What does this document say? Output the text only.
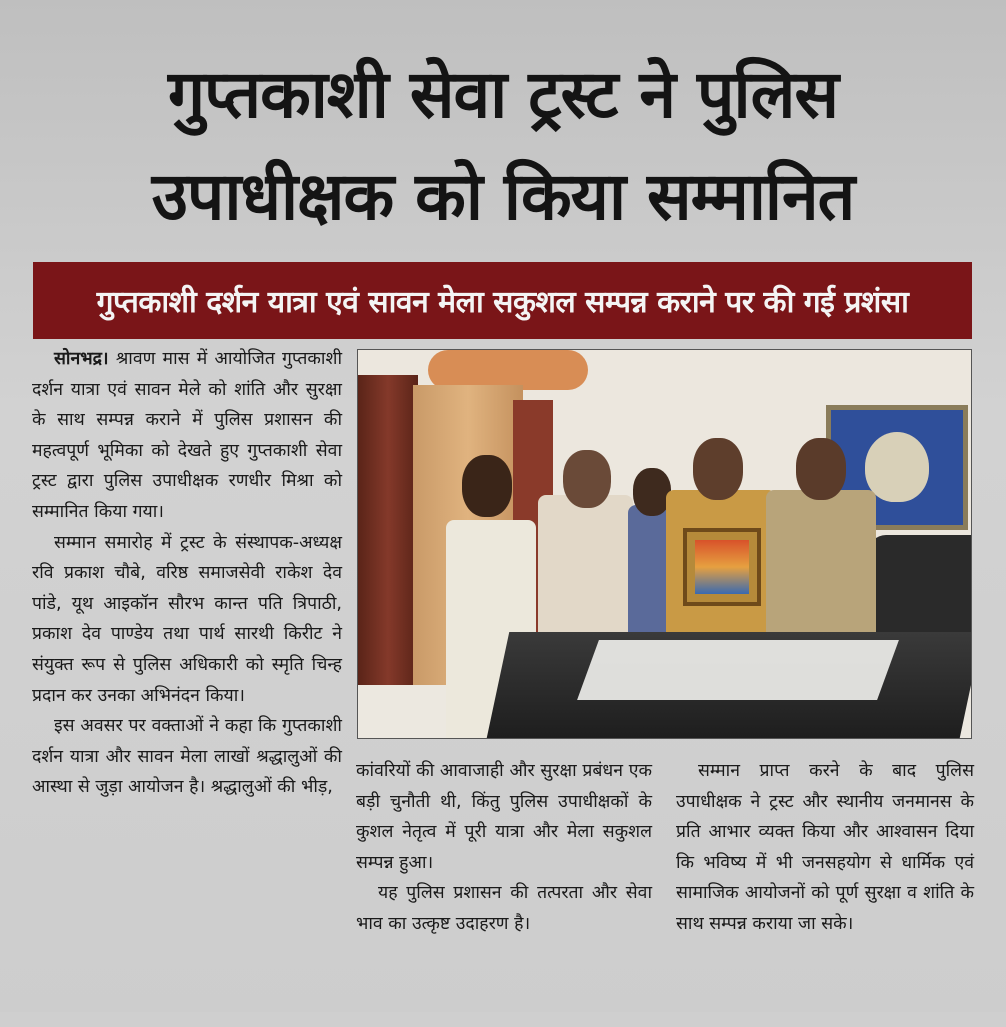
गुप्तकाशी सेवा ट्रस्ट ने पुलिस
उपाधीक्षक को किया सम्मानित
गुप्तकाशी दर्शन यात्रा एवं सावन मेला सकुशल सम्पन्न कराने पर की गई प्रशंसा

सोनभद्र। श्रावण मास में आयोजित गुप्तकाशी दर्शन यात्रा एवं सावन मेले को शांति और सुरक्षा के साथ सम्पन्न कराने में पुलिस प्रशासन की महत्वपूर्ण भूमिका को देखते हुए गुप्तकाशी सेवा ट्रस्ट द्वारा पुलिस उपाधीक्षक रणधीर मिश्रा को सम्मानित किया गया।

सम्मान समारोह में ट्रस्ट के संस्थापक-अध्यक्ष रवि प्रकाश चौबे, वरिष्ठ समाजसेवी राकेश देव पांडे, यूथ आइकॉन सौरभ कान्त पति त्रिपाठी, प्रकाश देव पाण्डेय तथा पार्थ सारथी किरीट ने संयुक्त रूप से पुलिस अधिकारी को स्मृति चिन्ह प्रदान कर उनका अभिनंदन किया।

इस अवसर पर वक्ताओं ने कहा कि गुप्तकाशी दर्शन यात्रा और सावन मेला लाखों श्रद्धालुओं की आस्था से जुड़ा आयोजन है। श्रद्धालुओं की भीड़,

कांवरियों की आवाजाही और सुरक्षा प्रबंधन एक बड़ी चुनौती थी, किंतु पुलिस उपाधीक्षकों के कुशल नेतृत्व में पूरी यात्रा और मेला सकुशल सम्पन्न हुआ।

यह पुलिस प्रशासन की तत्परता और सेवा भाव का उत्कृष्ट उदाहरण है।

सम्मान प्राप्त करने के बाद पुलिस उपाधीक्षक ने ट्रस्ट और स्थानीय जनमानस के प्रति आभार व्यक्त किया और आश्वासन दिया कि भविष्य में भी जनसहयोग से धार्मिक एवं सामाजिक आयोजनों को पूर्ण सुरक्षा व शांति के साथ सम्पन्न कराया जा सके।
